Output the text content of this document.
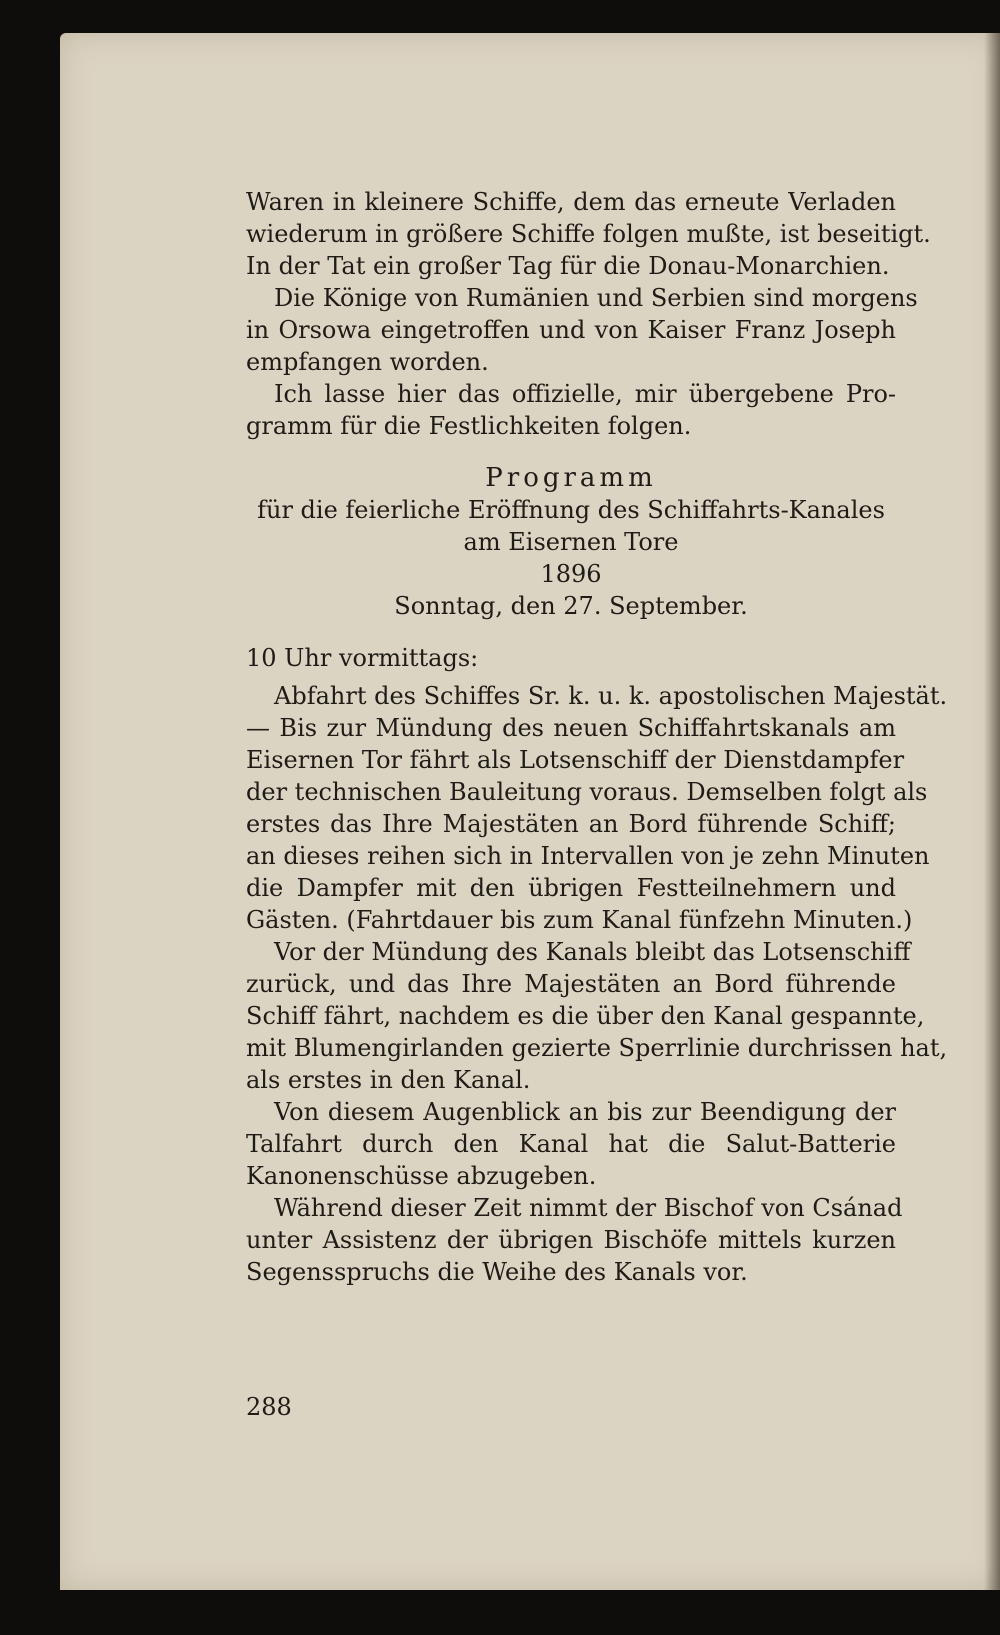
Waren in kleinere Schiffe, dem das erneute Verladen
wiederum in größere Schiffe folgen mußte, ist beseitigt.
In der Tat ein großer Tag für die Donau-Monarchien.
Die Könige von Rumänien und Serbien sind morgens
in Orsowa eingetroffen und von Kaiser Franz Joseph
empfangen worden.
Ich lasse hier das offizielle, mir übergebene Pro-
gramm für die Festlichkeiten folgen.
Programm
für die feierliche Eröffnung des Schiffahrts-Kanales
am Eisernen Tore
1896
Sonntag, den 27. September.
10 Uhr vormittags:
Abfahrt des Schiffes Sr. k. u. k. apostolischen Majestät.
— Bis zur Mündung des neuen Schiffahrtskanals am
Eisernen Tor fährt als Lotsenschiff der Dienstdampfer
der technischen Bauleitung voraus. Demselben folgt als
erstes das Ihre Majestäten an Bord führende Schiff;
an dieses reihen sich in Intervallen von je zehn Minuten
die Dampfer mit den übrigen Festteilnehmern und
Gästen. (Fahrtdauer bis zum Kanal fünfzehn Minuten.)
Vor der Mündung des Kanals bleibt das Lotsenschiff
zurück, und das Ihre Majestäten an Bord führende
Schiff fährt, nachdem es die über den Kanal gespannte,
mit Blumengirlanden gezierte Sperrlinie durchrissen hat,
als erstes in den Kanal.
Von diesem Augenblick an bis zur Beendigung der
Talfahrt durch den Kanal hat die Salut-Batterie
Kanonenschüsse abzugeben.
Während dieser Zeit nimmt der Bischof von Csánad
unter Assistenz der übrigen Bischöfe mittels kurzen
Segensspruchs die Weihe des Kanals vor.
288
